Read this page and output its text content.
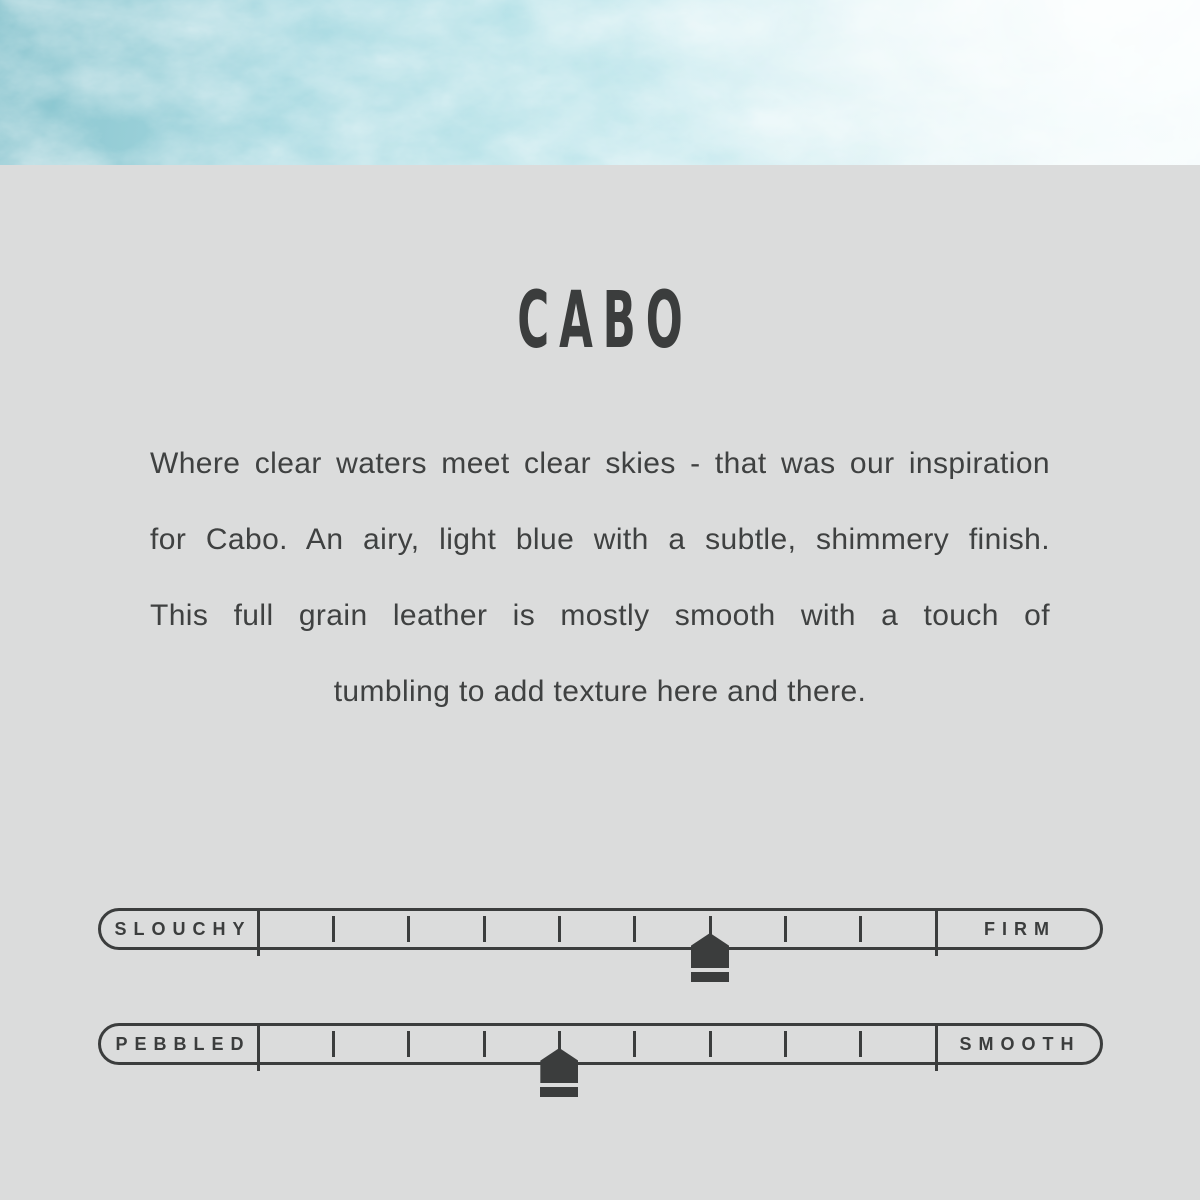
CABO
Where clear waters meet clear skies - that was our inspiration
for Cabo. An airy, light blue with a subtle, shimmery finish.
This full grain leather is mostly smooth with a touch of
tumbling to add texture here and there.
SLOUCHY	FIRM
PEBBLED	SMOOTH
